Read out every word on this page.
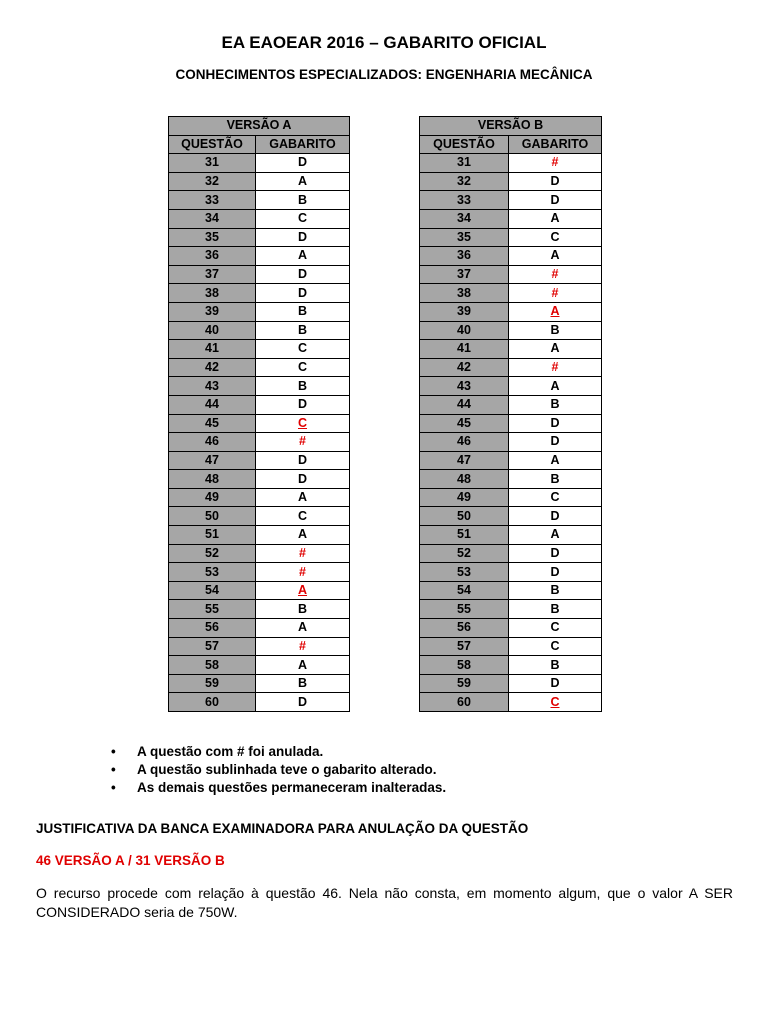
EA EAOEAR 2016 – GABARITO OFICIAL
CONHECIMENTOS ESPECIALIZADOS: ENGENHARIA MECÂNICA
VERSÃO A	
QUESTÃO	GABARITO
31	D
32	A
33	B
34	C
35	D
36	A
37	D
38	D
39	B
40	B
41	C
42	C
43	B
44	D
45	C
46	#
47	D
48	D
49	A
50	C
51	A
52	#
53	#
54	A
55	B
56	A
57	#
58	A
59	B
60	D
VERSÃO B	
QUESTÃO	GABARITO
31	#
32	D
33	D
34	A
35	C
36	A
37	#
38	#
39	A
40	B
41	A
42	#
43	A
44	B
45	D
46	D
47	A
48	B
49	C
50	D
51	A
52	D
53	D
54	B
55	B
56	C
57	C
58	B
59	D
60	C
• A questão com # foi anulada.
• A questão sublinhada teve o gabarito alterado.
• As demais questões permaneceram inalteradas.
JUSTIFICATIVA DA BANCA EXAMINADORA PARA ANULAÇÃO DA QUESTÃO
46 VERSÃO A / 31 VERSÃO B
O recurso procede com relação à questão 46. Nela não consta, em momento algum, que o valor A SER CONSIDERADO seria de 750W.
